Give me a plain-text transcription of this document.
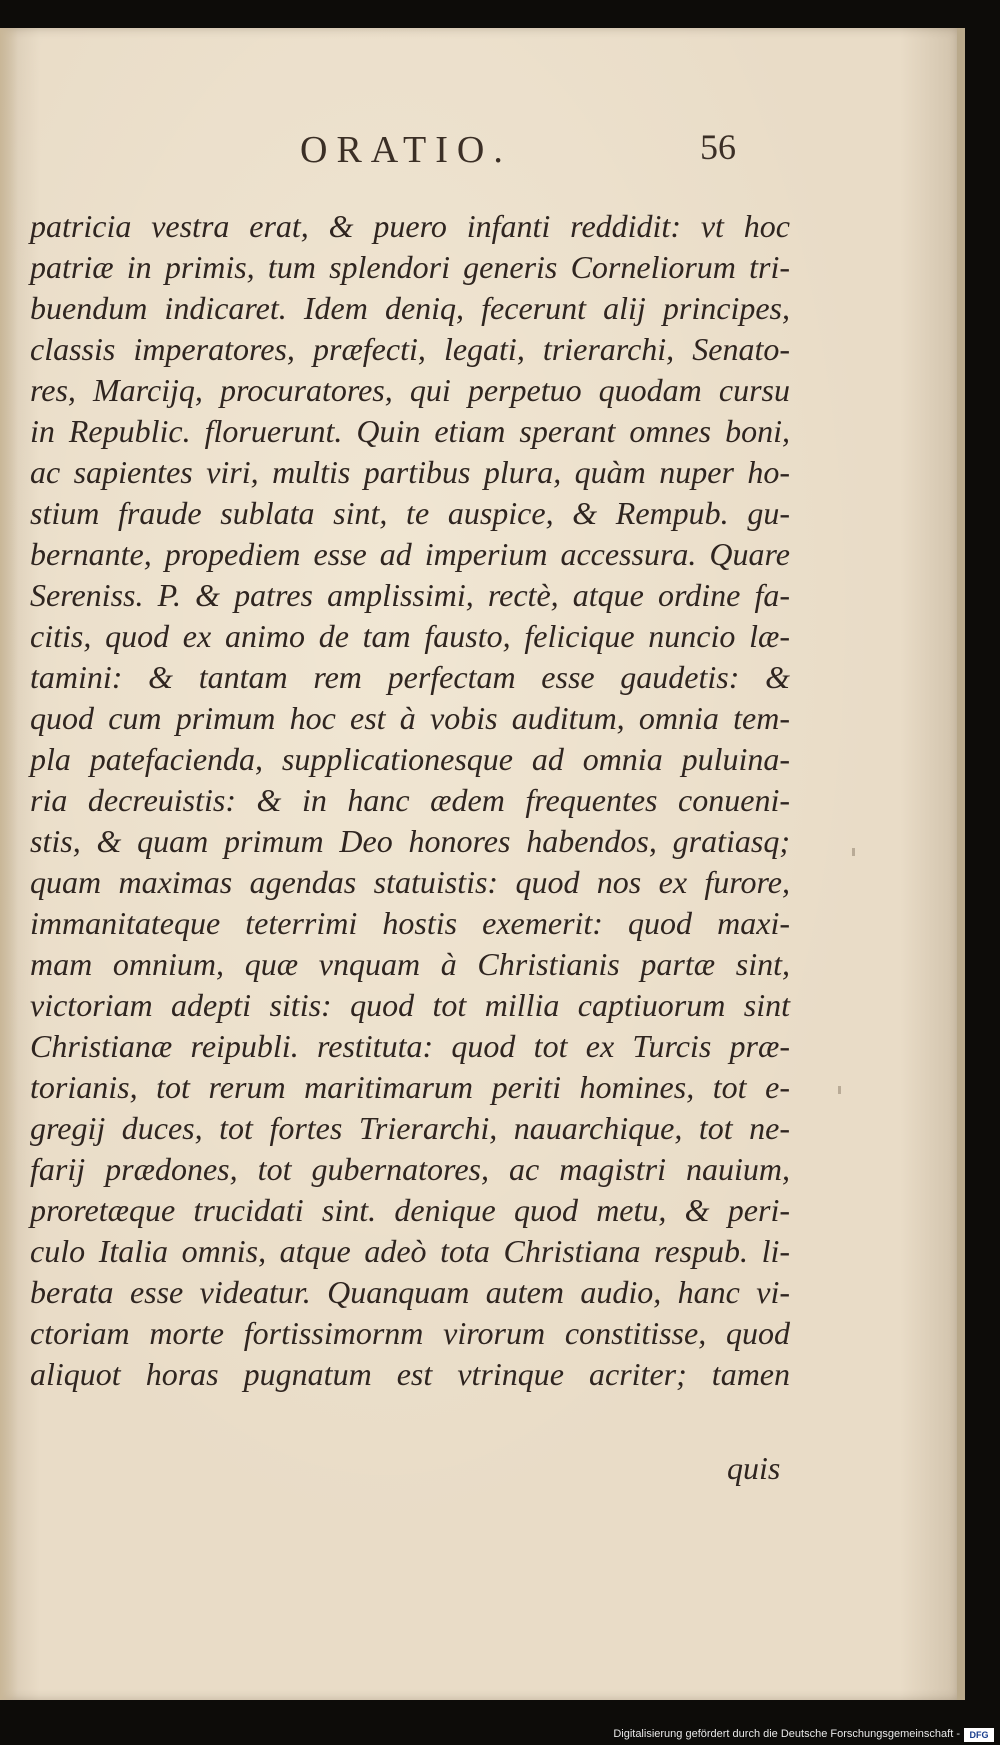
ORATIO.	56
patricia vestra erat, & puero infanti reddidit: vt hoc
patriæ in primis, tum splendori generis Corneliorum tri-
buendum indicaret. Idem deniq, fecerunt alij principes,
classis imperatores, præfecti, legati, trierarchi, Senato-
res, Marcijq, procuratores, qui perpetuo quodam cursu
in Republic. floruerunt. Quin etiam sperant omnes boni,
ac sapientes viri, multis partibus plura, quàm nuper ho-
stium fraude sublata sint, te auspice, & Rempub. gu-
bernante, propediem esse ad imperium accessura. Quare
Sereniss. P. & patres amplissimi, rectè, atque ordine fa-
citis, quod ex animo de tam fausto, felicique nuncio læ-
tamini: & tantam rem perfectam esse gaudetis: &
quod cum primum hoc est à vobis auditum, omnia tem-
pla patefacienda, supplicationesque ad omnia puluina-
ria decreuistis: & in hanc ædem frequentes conueni-
stis, & quam primum Deo honores habendos, gratiasq;
quam maximas agendas statuistis: quod nos ex furore,
immanitateque teterrimi hostis exemerit: quod maxi-
mam omnium, quæ vnquam à Christianis partæ sint,
victoriam adepti sitis: quod tot millia captiuorum sint
Christianæ reipubli. restituta: quod tot ex Turcis præ-
torianis, tot rerum maritimarum periti homines, tot e-
gregij duces, tot fortes Trierarchi, nauarchique, tot ne-
farij prædones, tot gubernatores, ac magistri nauium,
proretæque trucidati sint. denique quod metu, & peri-
culo Italia omnis, atque adeò tota Christiana respub. li-
berata esse videatur. Quanquam autem audio, hanc vi-
ctoriam morte fortissimornm virorum constitisse, quod
aliquot horas pugnatum est vtrinque acriter; tamen
quis
Digitalisierung gefördert durch die Deutsche Forschungsgemeinschaft -	DFG
